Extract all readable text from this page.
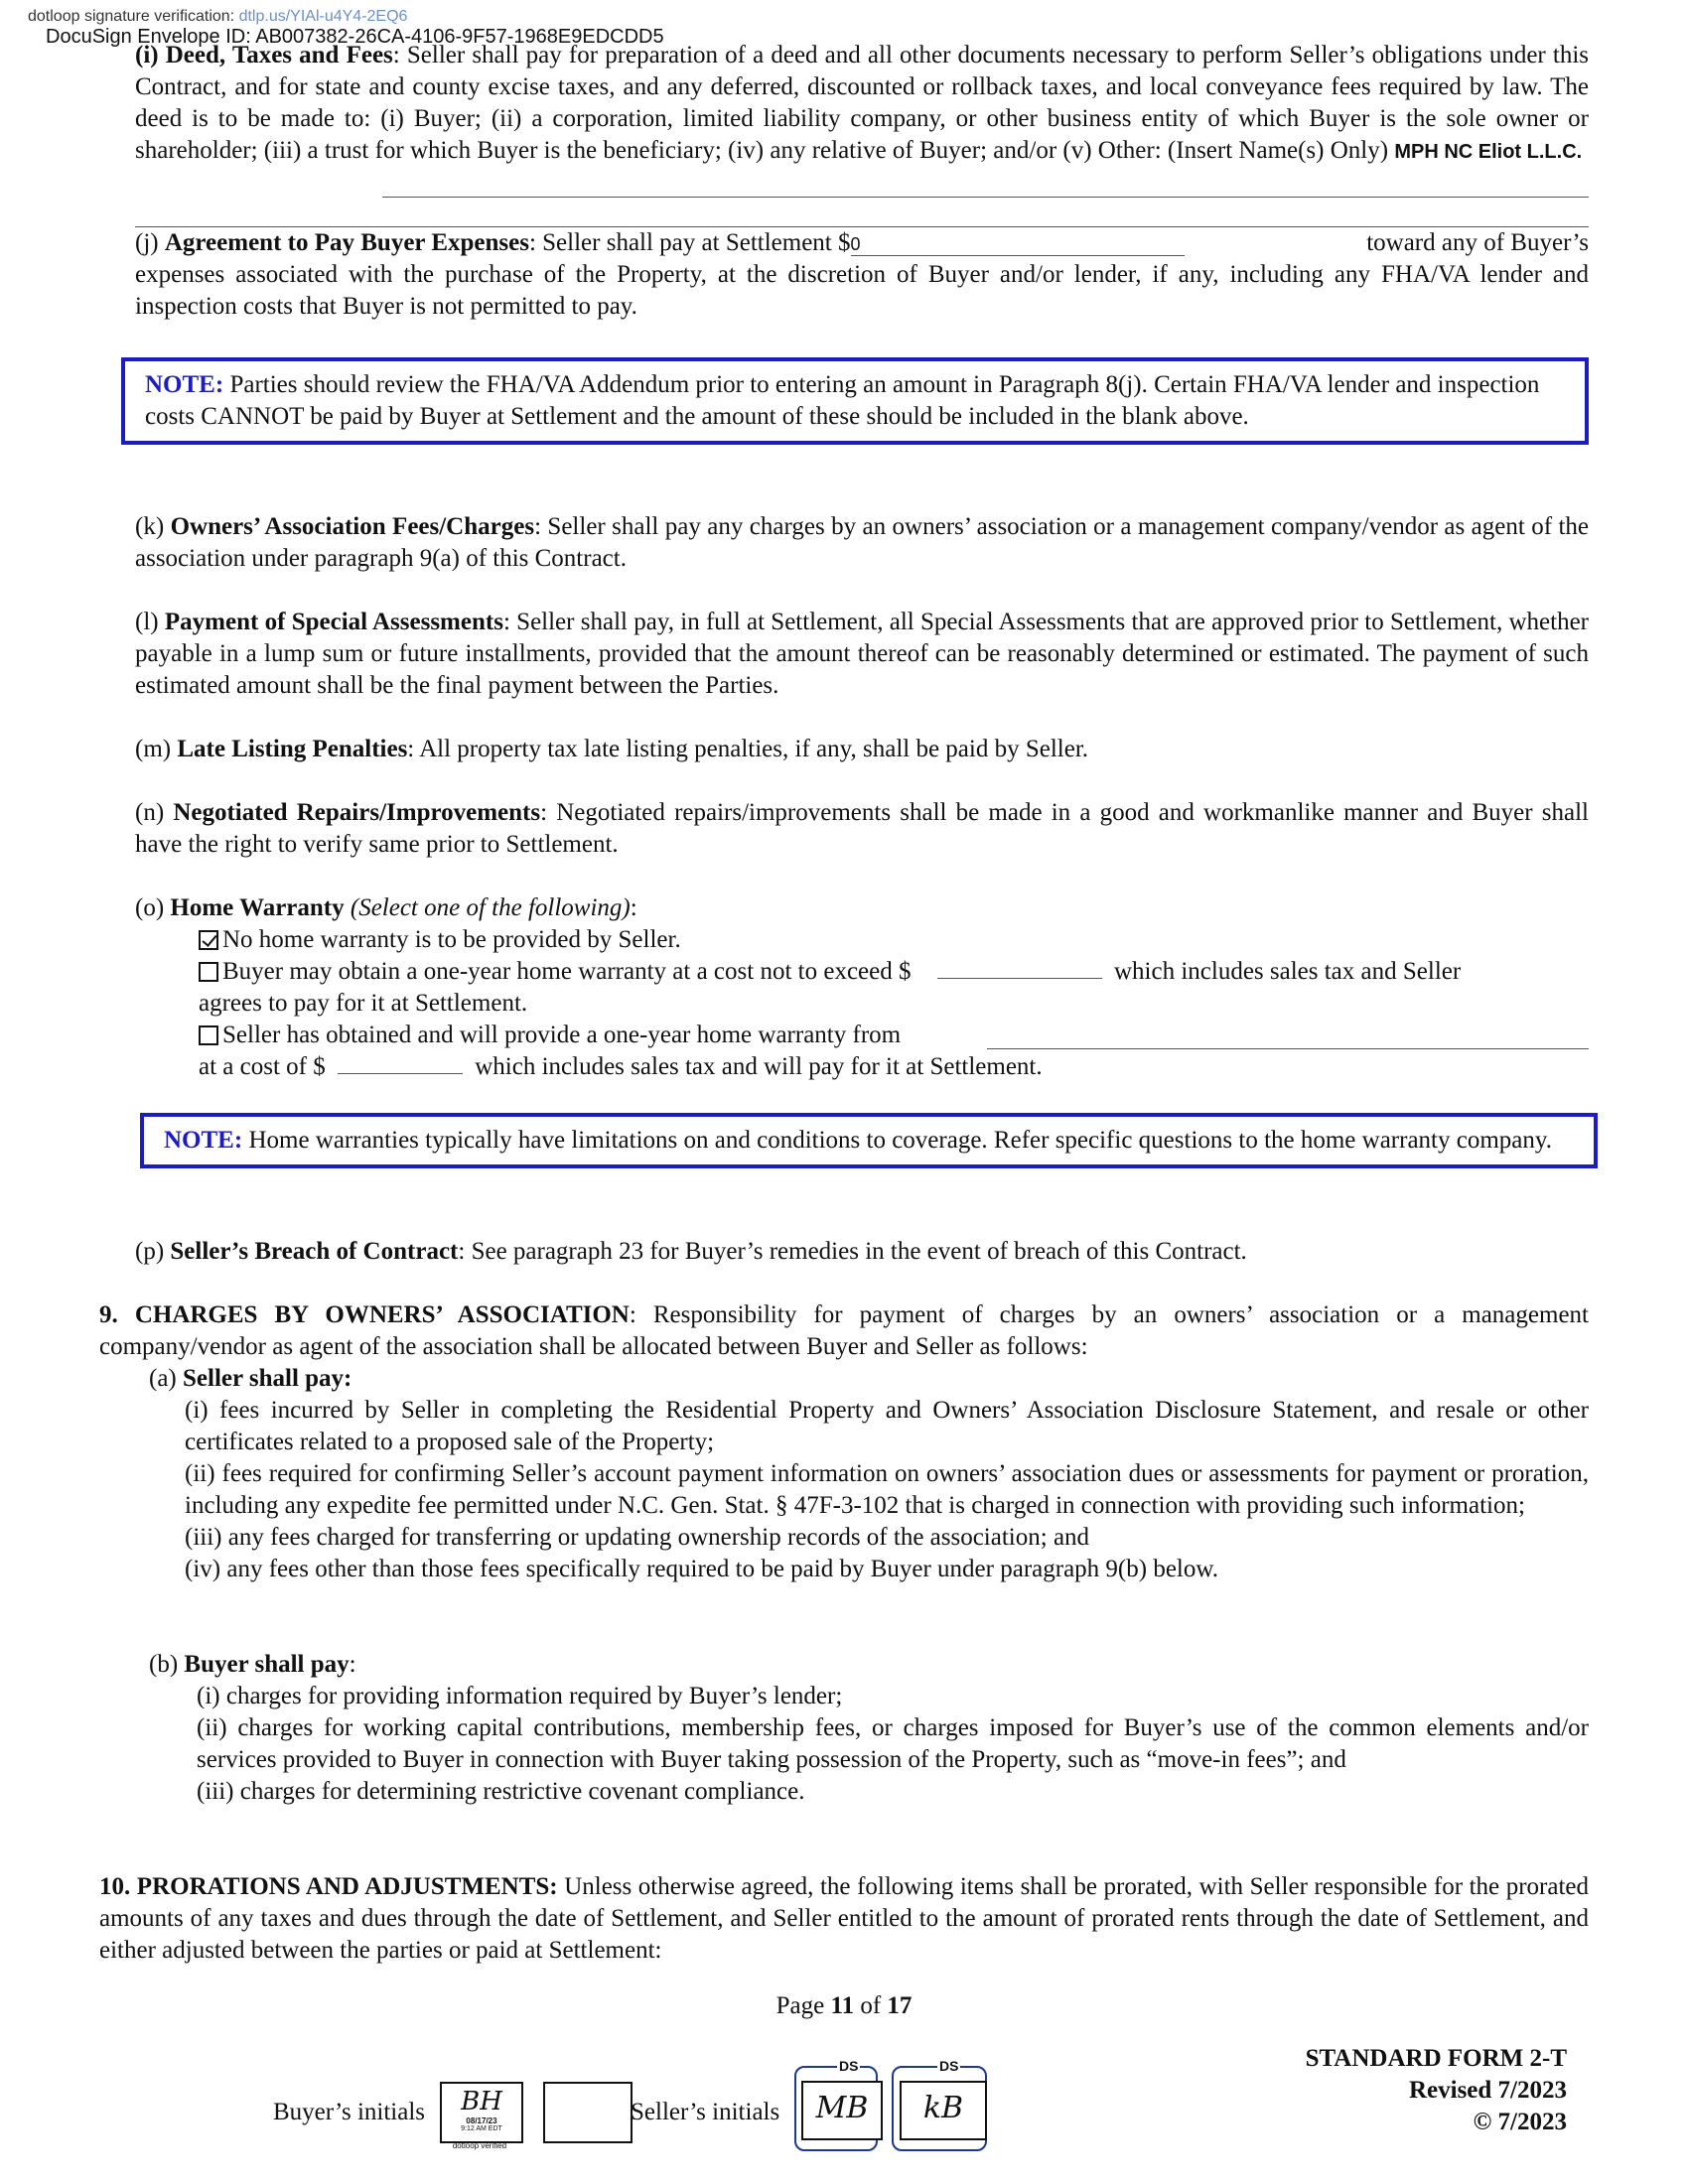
dotloop signature verification: dtlp.us/YIAl-u4Y4-2EQ6
DocuSign Envelope ID: AB007382-26CA-4106-9F57-1968E9EDCDD5

(i) Deed, Taxes and Fees: Seller shall pay for preparation of a deed and all other documents necessary to perform Seller’s obligations under this Contract, and for state and county excise taxes, and any deferred, discounted or rollback taxes, and local conveyance fees required by law. The deed is to be made to: (i) Buyer; (ii) a corporation, limited liability company, or other business entity of which Buyer is the sole owner or shareholder; (iii) a trust for which Buyer is the beneficiary; (iv) any relative of Buyer; and/or (v) Other: (Insert Name(s) Only) MPH NC Eliot L.L.C.

(j)
Agreement to Pay Buyer Expenses : Seller shall pay at Settlement $ 0	toward any of Buyer’s

expenses associated with the purchase of the Property, at the discretion of Buyer and/or lender, if any, including any FHA/VA lender and inspection costs that Buyer is not permitted to pay.

NOTE: Parties should review the FHA/VA Addendum prior to entering an amount in Paragraph 8(j). Certain FHA/VA lender and inspection costs CANNOT be paid by Buyer at Settlement and the amount of these should be included in the blank above.

(k) Owners’ Association Fees/Charges: Seller shall pay any charges by an owners’ association or a management company/vendor as agent of the association under paragraph 9(a) of this Contract.

(l) Payment of Special Assessments: Seller shall pay, in full at Settlement, all Special Assessments that are approved prior to Settlement, whether payable in a lump sum or future installments, provided that the amount thereof can be reasonably determined or estimated. The payment of such estimated amount shall be the final payment between the Parties.

(m) Late Listing Penalties: All property tax late listing penalties, if any, shall be paid by Seller.

(n) Negotiated Repairs/Improvements: Negotiated repairs/improvements shall be made in a good and workmanlike manner and Buyer shall have the right to verify same prior to Settlement.

(o) Home Warranty (Select one of the following):

No home warranty is to be provided by Seller.
Buyer may obtain a one-year home warranty at a cost not to exceed $	which includes sales tax and Seller
agrees to pay for it at Settlement.
Seller has obtained and will provide a one-year home warranty from
at a cost of $	which includes sales tax and will pay for it at Settlement.
NOTE: Home warranties typically have limitations on and conditions to coverage. Refer specific questions to the home warranty company.

(p) Seller’s Breach of Contract: See paragraph 23 for Buyer’s remedies in the event of breach of this Contract.

9. CHARGES BY OWNERS’ ASSOCIATION: Responsibility for payment of charges by an owners’ association or a management company/vendor as agent of the association shall be allocated between Buyer and Seller as follows:

(a) Seller shall pay:

(i) fees incurred by Seller in completing the Residential Property and Owners’ Association Disclosure Statement, and resale or other certificates related to a proposed sale of the Property;

(ii) fees required for confirming Seller’s account payment information on owners’ association dues or assessments for payment or proration, including any expedite fee permitted under N.C. Gen. Stat. § 47F-3-102 that is charged in connection with providing such information;

(iii) any fees charged for transferring or updating ownership records of the association; and

(iv) any fees other than those fees specifically required to be paid by Buyer under paragraph 9(b) below.

(b) Buyer shall pay:

(i) charges for providing information required by Buyer’s lender;

(ii) charges for working capital contributions, membership fees, or charges imposed for Buyer’s use of the common elements and/or services provided to Buyer in connection with Buyer taking possession of the Property, such as “move-in fees”; and

(iii) charges for determining restrictive covenant compliance.

10. PRORATIONS AND ADJUSTMENTS: Unless otherwise agreed, the following items shall be prorated, with Seller responsible for the prorated amounts of any taxes and dues through the date of Settlement, and Seller entitled to the amount of prorated rents through the date of Settlement, and either adjusted between the parties or paid at Settlement:

Page 11 of 17
Buyer’s initials	BH
08/17/23
9:12 AM EDT
dotloop verified
Seller’s initials
DS
MB
DS
kB
STANDARD FORM 2-T
Revised 7/2023
© 7/2023
